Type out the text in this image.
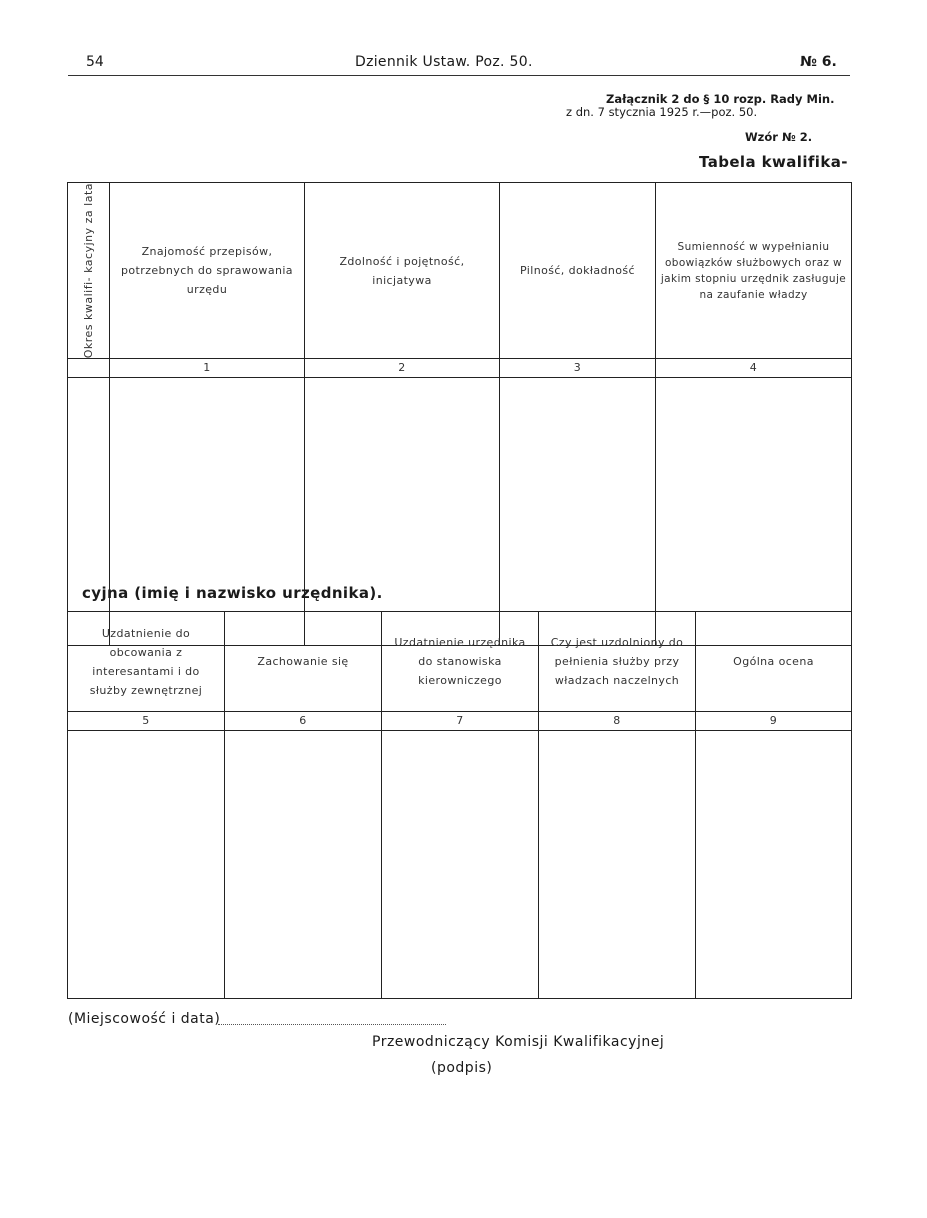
54	Dziennik Ustaw. Poz. 50.	№ 6.
Załącznik 2 do § 10 rozp. Rady Min.
z dn. 7 stycznia 1925 r.—poz. 50.
Wzór № 2.
Tabela kwalifika-
Okres kwalifi- kacyjny za lata	Znajomość przepisów, potrzebnych do sprawowania urzędu	Zdolność i pojętność, inicjatywa	Pilność, dokładność	Sumienność w wypełnianiu obowiązków służbowych oraz w jakim stopniu urzędnik zasługuje na zaufanie władzy

	1	2	3	4

cyjna (imię i nazwisko urzędnika).
Uzdatnienie do obcowania z interesantami i do służby zewnętrznej	Zachowanie się	Uzdatnienie urzędnika do stanowiska kierowniczego	Czy jest uzdolniony do pełnienia służby przy władzach naczelnych	Ogólna ocena

5	6	7	8	9

(Miejscowość i data)
Przewodniczący Komisji Kwalifikacyjnej
(podpis)
